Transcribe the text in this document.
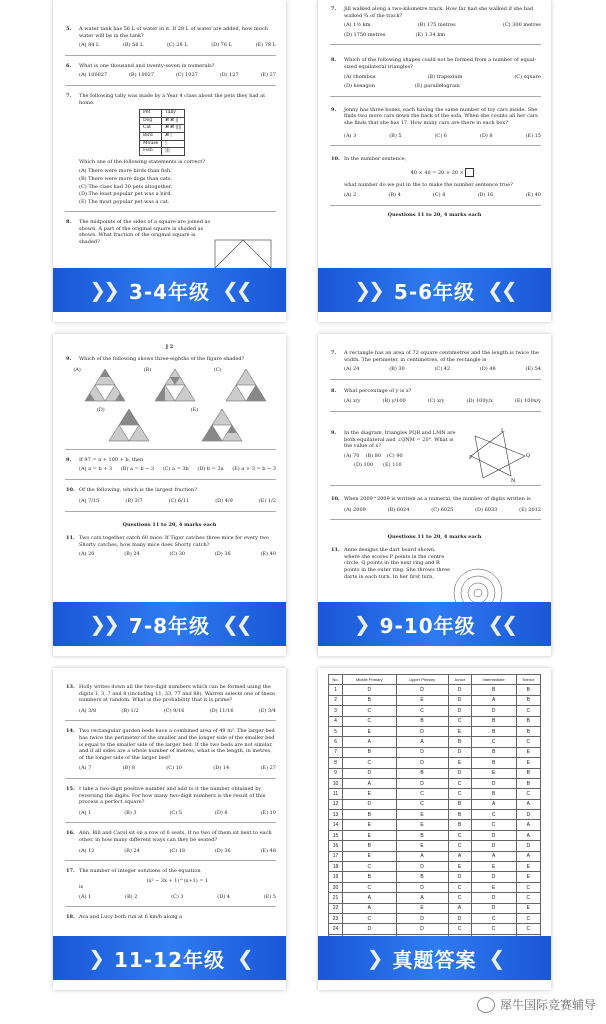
5. A water tank has 56 L of water in it. If 28 L of water are added, how much water will be in the tank?
(A) 84 L	(B) 56 L	(C) 28 L	(D) 76 L	(E) 78 L
6. What is one thousand and twenty-seven in numerals?
(A) 100027	(B) 10027	(C) 1027	(D) 127	(E) 27
7. The following tally was made by a Year 4 class about the pets they had at home.
Pet	Tally
Dog	𝍸 𝍸 ||
Cat	𝍸 𝍸 ||||
Bird	𝍸 |
Mouse	|
Fish	|||
Which one of the following statements is correct?
(A) There were more birds than fish.
(B) There were more dogs than cats.
(C) The class had 30 pets altogether.
(D) The least popular pet was a bird.
(E) The most popular pet was a cat.
8. The midpoints of the sides of a square are joined as shown. A part of the original square is shaded as shown. What fraction of the original square is shaded?
❯❯ 3-4年级 ❮❮
7. Jill walked along a two-kilometre track. How far had she walked if she had walked ¾ of the track?
(A) 1½ km	(B) 175 metres	(C) 300 metres
(D) 1750 metres	(E) 1.34 km
8. Which of the following shapes could not be formed from a number of equal-sized equilateral triangles?
(A) rhombus	(B) trapezium	(C) square
(D) hexagon	(E) parallelogram
9. Jenny has three boxes, each having the same number of toy cars inside. She finds two more cars down the back of the sofa. When she counts all her cars she finds that she has 17. How many cars are there in each box?
(A) 3	(B) 5	(C) 6	(D) 8	(E) 15
10. In the number sentence,
40 × 40 = 20 × 20 ×
what number do we put in the to make the number sentence true?
(A) 2	(B) 4	(C) 8	(D) 16	(E) 40
Questions 11 to 20, 4 marks each
❯❯ 5-6年级 ❮❮
J 2
9. Which of the following shows three-eighths of the figure shaded?
(A)	(B)	(C)
(D)	(E)
9. If 97 = a + 100 + b, then
(A) a = b + 3 (B) a = b − 3 (C) a = 3b (D) b = 3a (E) a + 3 = b − 3
10. Of the following, which is the largest fraction?
(A) 7/15	(B) 3/7	(C) 6/11	(D) 4/9	(E) 1/2
Questions 11 to 20, 4 marks each
11. Two cats together catch 60 mice. If Tiger catches three mice for every two Shorty catches, how many mice does Shorty catch?
(A) 20	(B) 24	(C) 30	(D) 36	(E) 40
❯❯ 7-8年级 ❮❮
7. A rectangle has an area of 72 square centimetres and the length is twice the width. The perimeter, in centimetres, of the rectangle is
(A) 24	(B) 30	(C) 42	(D) 48	(E) 54
8. What percentage of y is x?
(A) x/y	(B) y/100	(C) x/y	(D) 100y/x	(E) 100x/y
9. In the diagram, triangles PQR and LMN are both equilateral and ∠QNM = 20°. What is the value of x?
(A) 70 (B) 80 (C) 90
(D) 100 (E) 110
P	Q
L
N
10. When 2009^2009 is written as a numeral, the number of digits written is
(A) 2009	(B) 6024	(C) 6025	(D) 6033	(E) 2012
Questions 11 to 20, 4 marks each
11. Anne designs the dart board shown, where she scores P points in the centre circle, Q points in the next ring and R points in the outer ring. She throws three darts in each turn. In her first turn,
❯ 9-10年级 ❮❮
13. Holly writes down all the two-digit numbers which can be formed using the digits 1, 3, 7 and 8 (including 11, 33, 77 and 88). Warren selects one of these numbers at random. What is the probability that it is prime?
(A) 3/8	(B) 1/2	(C) 9/16	(D) 11/16	(E) 3/4
14. Two rectangular garden beds have a combined area of 49 m². The larger bed has twice the perimeter of the smaller and the longer side of the smaller bed is equal to the smaller side of the larger bed. If the two beds are not similar, and if all sides are a whole number of metres, what is the length, in metres, of the longer side of the larger bed?
(A) 7	(B) 8	(C) 10	(D) 14	(E) 27
15. I take a two-digit positive number and add to it the number obtained by reversing the digits. For how many two-digit numbers is the result of this process a perfect square?
(A) 1	(B) 3	(C) 5	(D) 8	(E) 10
16. Ann, Bill and Carol sit on a row of 6 seats. If no two of them sit next to each other, in how many different ways can they be seated?
(A) 12	(B) 24	(C) 18	(D) 36	(E) 48
17. The number of integer solutions of the equation
(x² − 3x + 1)^(x+1) = 1
is
(A) 1	(B) 2	(C) 3	(D) 4	(E) 5
18. Ava and Lucy both run at 6 km/h along a
❯ 11-12年级 ❮
No.	Middle Primary	Upper Primary	Junior	Intermediate	Senior
1	D	D	D	B	B
2	B	E	D	A	B
3	C	C	D	D	C
4	C	B	C	B	B
5	E	D	E	B	B
6	A	A	B	C	C
7	B	D	D	B	E
8	C	D	E	B	E
9	D	B	D	E	B
10	A	D	C	D	B
11	E	C	C	B	C
12	D	C	B	A	A
13	B	E	B	C	D
14	E	E	B	C	A
15	E	B	C	D	A
16	B	E	C	D	D
17	E	A	A	A	A
18	C	D	E	E	E
19	B	B	D	D	E
20	C	D	C	E	C
21	A	A	C	D	C
22	A	E	A	D	E
23	C	D	D	C	C
24	D	D	C	C	C

❯ 真题答案 ❮
犀牛国际竞赛辅导
